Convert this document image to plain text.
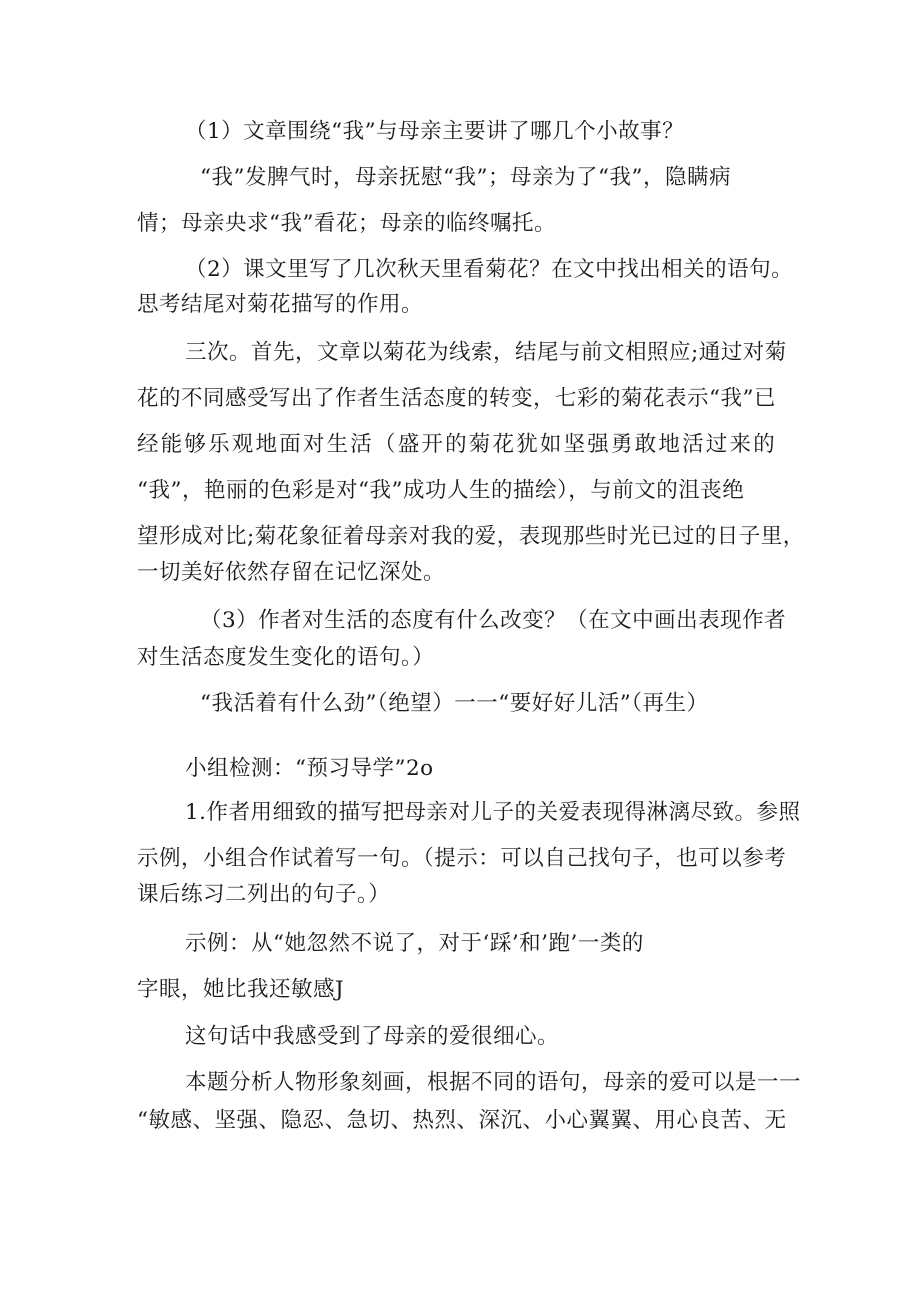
（1）文章围绕“我”与母亲主要讲了哪几个小故事？
“我”发脾气时，母亲抚慰“我”；母亲为了“我”，隐瞒病
情；母亲央求“我”看花；母亲的临终嘱托。
（2）课文里写了几次秋天里看菊花？在文中找出相关的语句。
思考结尾对菊花描写的作用。
三次。首先，文章以菊花为线索，结尾与前文相照应;通过对菊
花的不同感受写出了作者生活态度的转变，七彩的菊花表示“我”已
经能够乐观地面对生活（盛开的菊花犹如坚强勇敢地活过来的
“我”，艳丽的色彩是对“我”成功人生的描绘），与前文的沮丧绝
望形成对比;菊花象征着母亲对我的爱，表现那些时光已过的日子里，
一切美好依然存留在记忆深处。
（3）作者对生活的态度有什么改变？（在文中画出表现作者
对生活态度发生变化的语句。）
“我活着有什么劲”（绝望）一一“要好好儿活”（再生）
小组检测：“预习导学”2o
1.作者用细致的描写把母亲对儿子的关爱表现得淋漓尽致。参照
示例，小组合作试着写一句。（提示：可以自己找句子，也可以参考
课后练习二列出的句子。）
示例：从“她忽然不说了，对于‘踩’和’跑’一类的
字眼，她比我还敏感J
这句话中我感受到了母亲的爱很细心。
本题分析人物形象刻画，根据不同的语句，母亲的爱可以是一一
“敏感、坚强、隐忍、急切、热烈、深沉、小心翼翼、用心良苦、无
